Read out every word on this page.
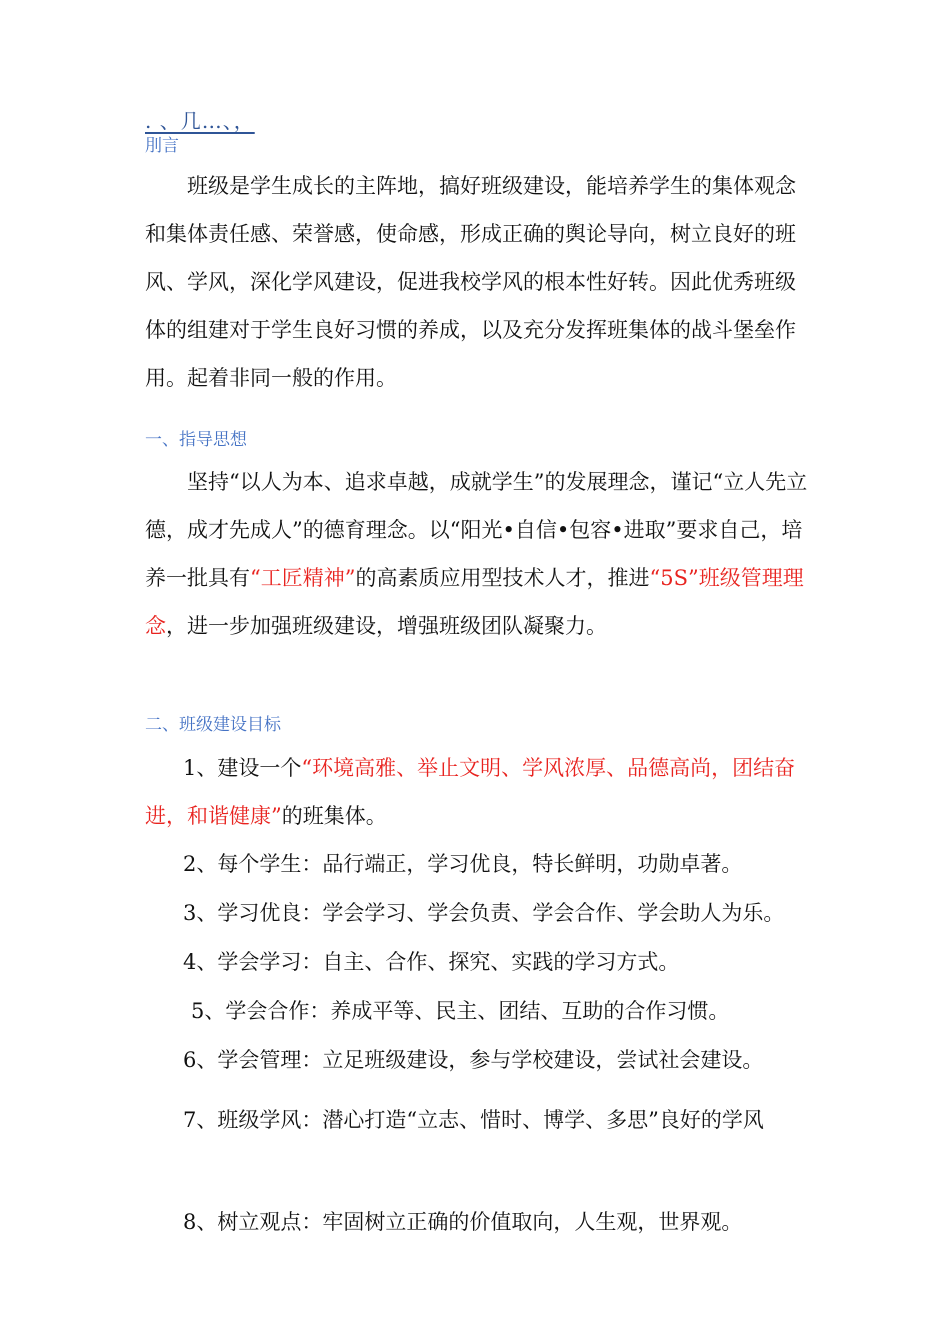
. 、几…、，
刖言

班级是学生成长的主阵地，搞好班级建设，能培养学生的集体观念和集体责任感、荣誉感，使命感，形成正确的舆论导向，树立良好的班风、学风，深化学风建设，促进我校学风的根本性好转。因此优秀班级体的组建对于学生良好习惯的养成，以及充分发挥班集体的战斗堡垒作用。起着非同一般的作用。

一、指导思想

坚持“以人为本、追求卓越，成就学生”的发展理念，谨记“立人先立德，成才先成人”的德育理念。以“阳光•自信•包容•进取”要求自己，培养一批具有“工匠精神”的高素质应用型技术人才，推进“5S”班级管理理念，进一步加强班级建设，增强班级团队凝聚力。

二、班级建设目标

1、建设一个“环境高雅、举止文明、学风浓厚、品德高尚，团结奋进，和谐健康”的班集体。

2、每个学生：品行端正，学习优良，特长鲜明，功勋卓著。

3、学习优良：学会学习、学会负责、学会合作、学会助人为乐。

4、学会学习：自主、合作、探究、实践的学习方式。

5、学会合作：养成平等、民主、团结、互助的合作习惯。

6、学会管理：立足班级建设，参与学校建设，尝试社会建设。

7、班级学风：潜心打造“立志、惜时、博学、多思”良好的学风

8、树立观点：牢固树立正确的价值取向，人生观，世界观。
